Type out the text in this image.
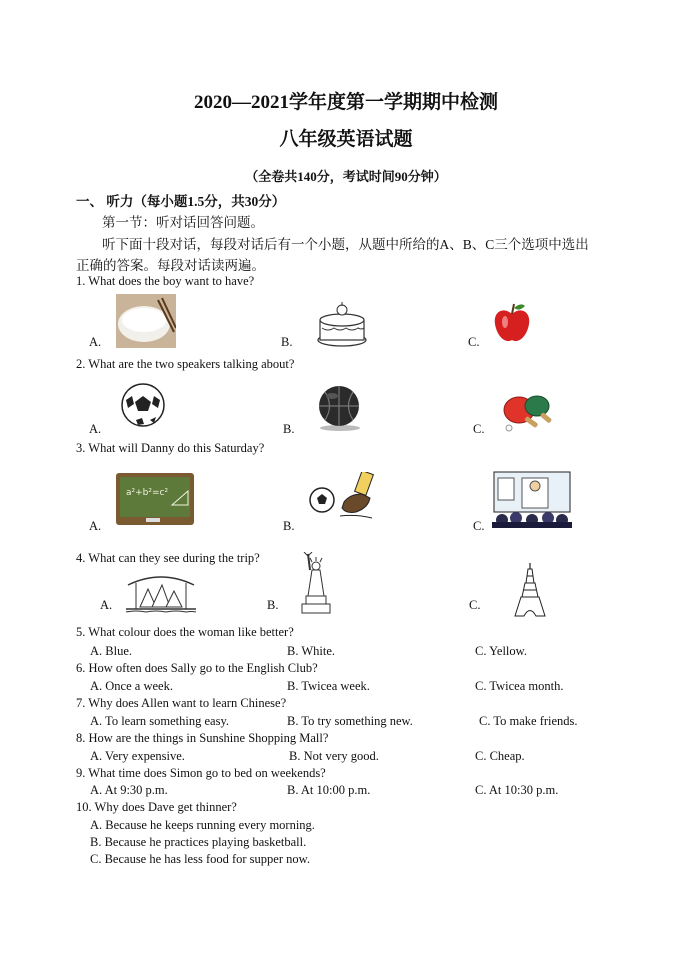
2020—2021学年度第一学期期中检测
八年级英语试题
（全卷共140分，考试时间90分钟）
一、 听力（每小题1.5分，共30分）
第一节：听对话回答问题。
听下面十段对话，每段对话后有一个小题，从题中所给的A、B、C三个选项中选出
正确的答案。每段对话读两遍。
1. What does the boy want to have?
A.	B.	C.
2. What are the two speakers talking about?
A.	B.	C.
3. What will Danny do this Saturday?
A.
a²+b²=c²
B.	C.
4. What can they see during the trip?
A.	B.	C.
5. What colour does the woman like better?
A. Blue.	B. White.	C. Yellow.
6. How often does Sally go to the English Club?
A. Once a week.	B. Twicea week.	C. Twicea month.
7. Why does Allen want to learn Chinese?
A. To learn something easy.	B. To try something new.	C. To make friends.
8. How are the things in Sunshine Shopping Mall?
A. Very expensive.	B. Not very good.	C. Cheap.
9. What time does Simon go to bed on weekends?
A. At 9:30 p.m.	B. At 10:00 p.m.	C. At 10:30 p.m.
10. Why does Dave get thinner?
A. Because he keeps running every morning.
B. Because he practices playing basketball.
C. Because he has less food for supper now.
